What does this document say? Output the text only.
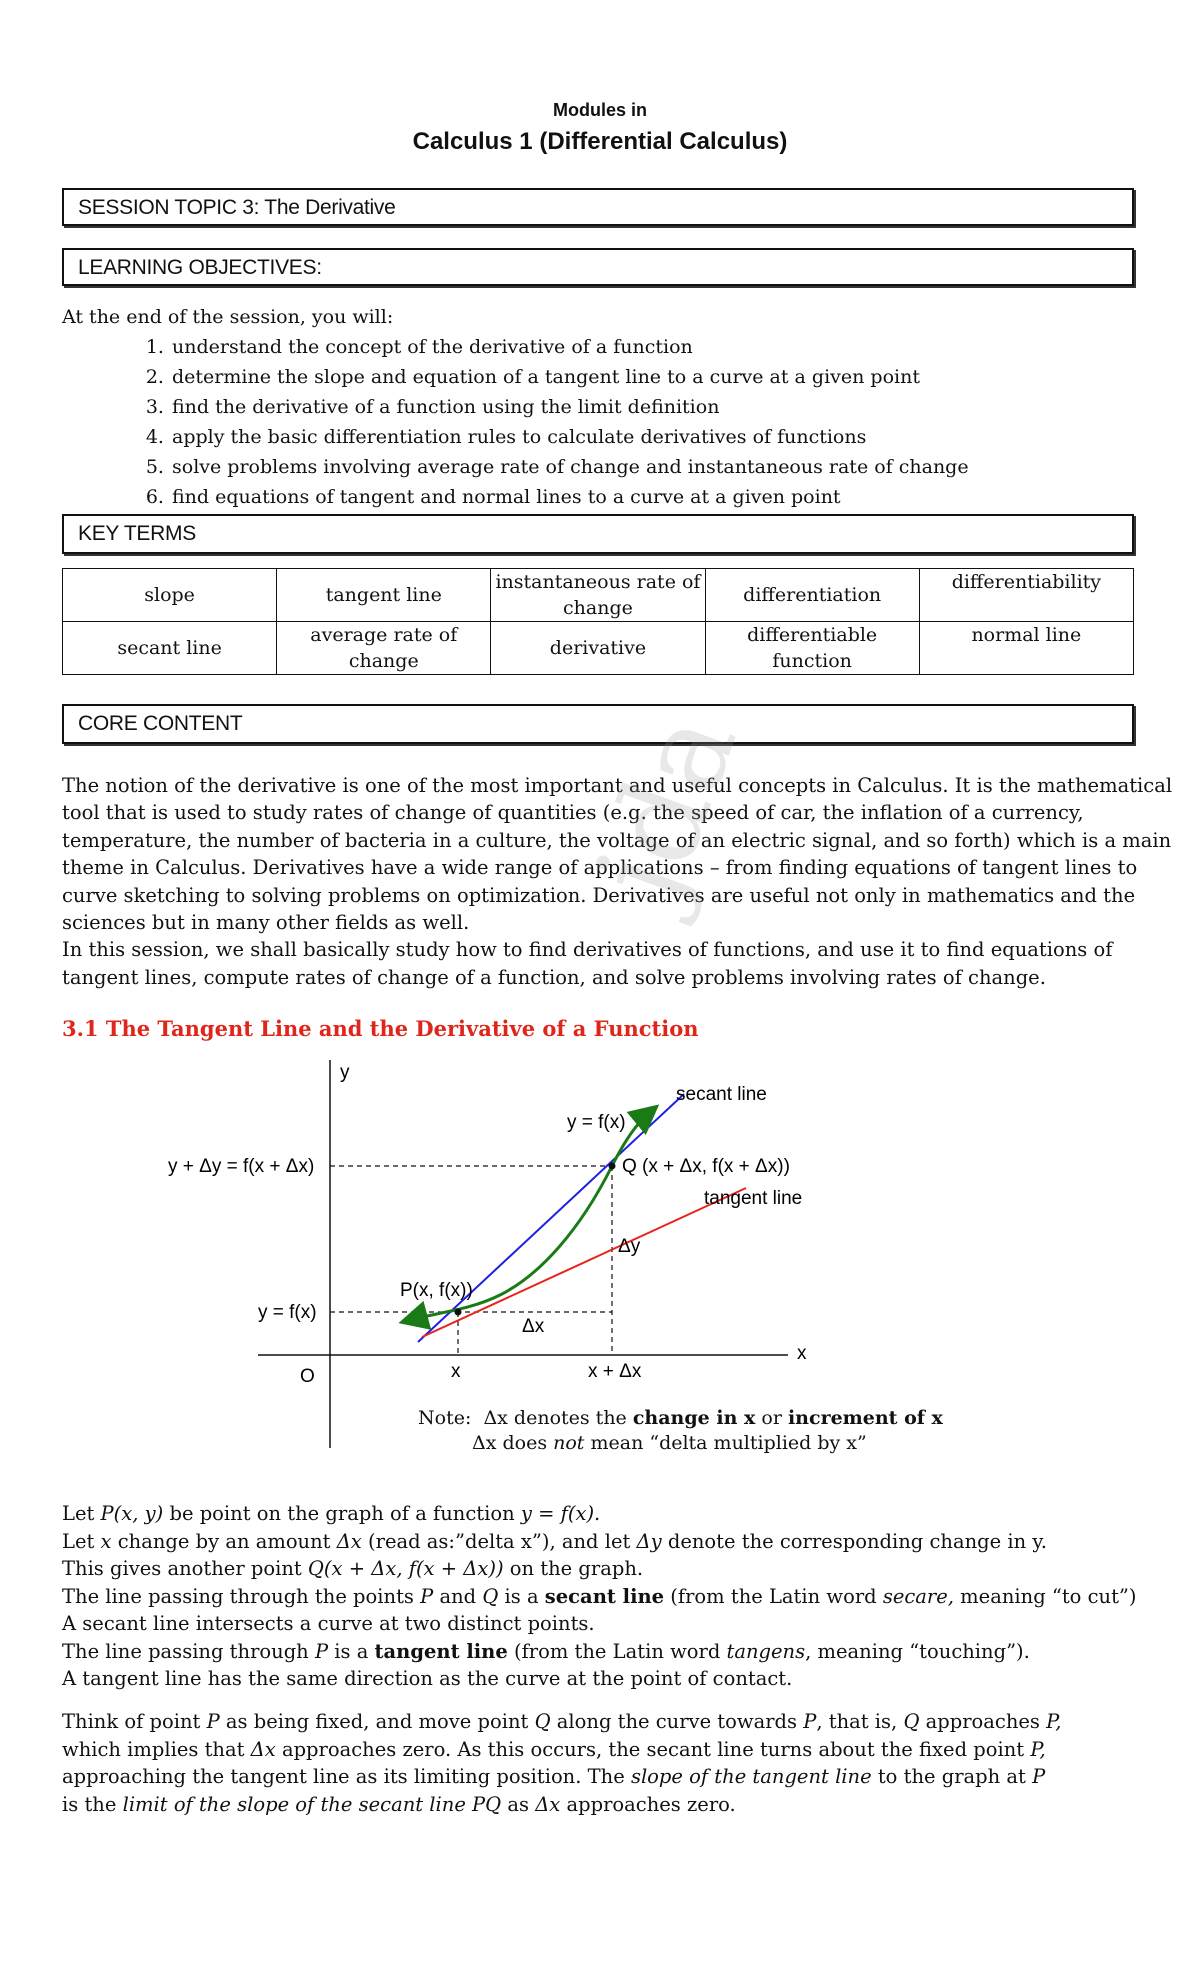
Modules in
Calculus 1 (Differential Calculus)
SESSION TOPIC 3: The Derivative
LEARNING OBJECTIVES:
At the end of the session, you will:
1. understand the concept of the derivative of a function
2. determine the slope and equation of a tangent line to a curve at a given point
3. find the derivative of a function using the limit definition
4. apply the basic differentiation rules to calculate derivatives of functions
5. solve problems involving average rate of change and instantaneous rate of change
6. find equations of tangent and normal lines to a curve at a given point
KEY TERMS
slope	tangent line	instantaneous rate of change	differentiation	differentiability
secant line	average rate of change	derivative	differentiable function	normal line
CORE CONTENT

The notion of the derivative is one of the most important and useful concepts in Calculus. It is the mathematical tool that is used to study rates of change of quantities (e.g. the speed of car, the inflation of a currency, temperature, the number of bacteria in a culture, the voltage of an electric signal, and so forth) which is a main theme in Calculus. Derivatives have a wide range of applications – from finding equations of tangent lines to curve sketching to solving problems on optimization. Derivatives are useful not only in mathematics and the sciences but in many other fields as well.

In this session, we shall basically study how to find derivatives of functions, and use it to find equations of tangent lines, compute rates of change of a function, and solve problems involving rates of change.

jda
3.1 The Tangent Line and the Derivative of a Function
y
x
O
secant line
tangent line
y = f(x)
y + Δy = f(x + Δx)
y = f(x)
P(x, f(x))
Q (x + Δx, f(x + Δx))
Δy
Δx
x	x + Δx
Note: Δx denotes the change in x or increment of x
Δx does not mean “delta multiplied by x”

Let P(x, y) be point on the graph of a function y = f(x).

Let x change by an amount Δx (read as:”delta x”), and let Δy denote the corresponding change in y.

This gives another point Q(x + Δx, f(x + Δx)) on the graph.

The line passing through the points P and Q is a secant line (from the Latin word secare, meaning “to cut”)

A secant line intersects a curve at two distinct points.

The line passing through P is a tangent line (from the Latin word tangens, meaning “touching”).

A tangent line has the same direction as the curve at the point of contact.

Think of point P as being fixed, and move point Q along the curve towards P, that is, Q approaches P,

which implies that Δx approaches zero. As this occurs, the secant line turns about the fixed point P,

approaching the tangent line as its limiting position. The slope of the tangent line to the graph at P

is the limit of the slope of the secant line PQ as Δx approaches zero.
